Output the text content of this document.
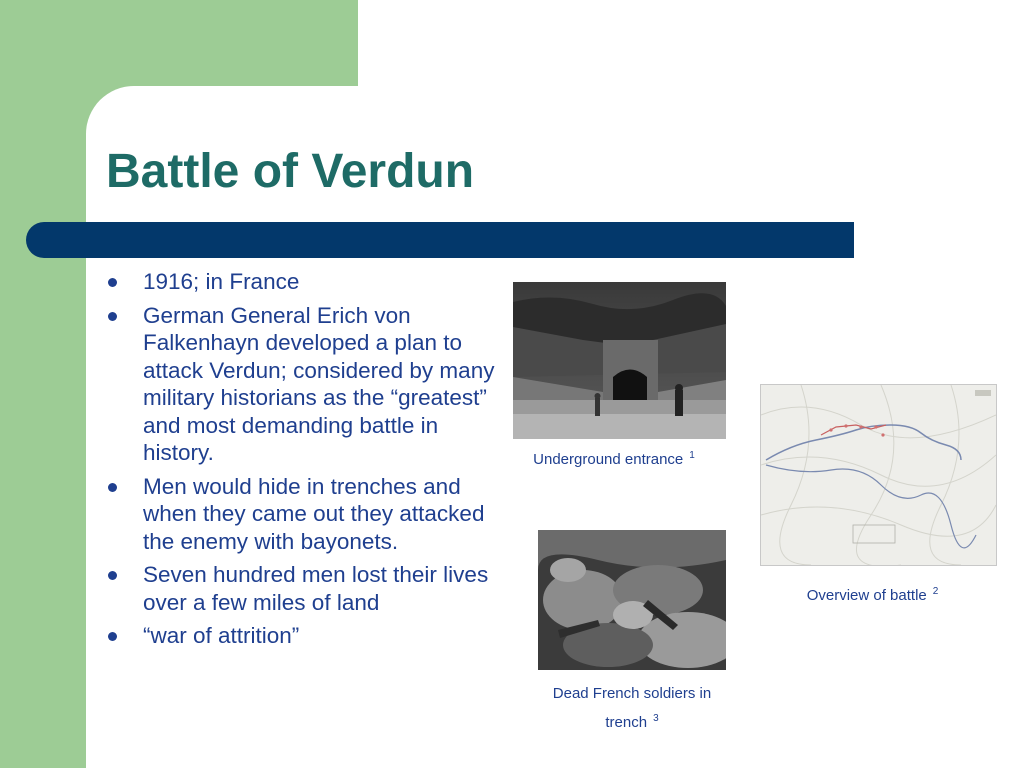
Battle of Verdun
1916; in France
German General Erich von Falkenhayn developed a plan to attack Verdun; considered by many military historians as the “greatest” and most demanding battle in history.
Men would hide in trenches and when they came out they attacked the enemy with bayonets.
Seven hundred men lost their lives over a few miles of land
“war of attrition”
Underground entrance $^1$
Overview of battle $^2$
Dead French soldiers in
trench $^3$
